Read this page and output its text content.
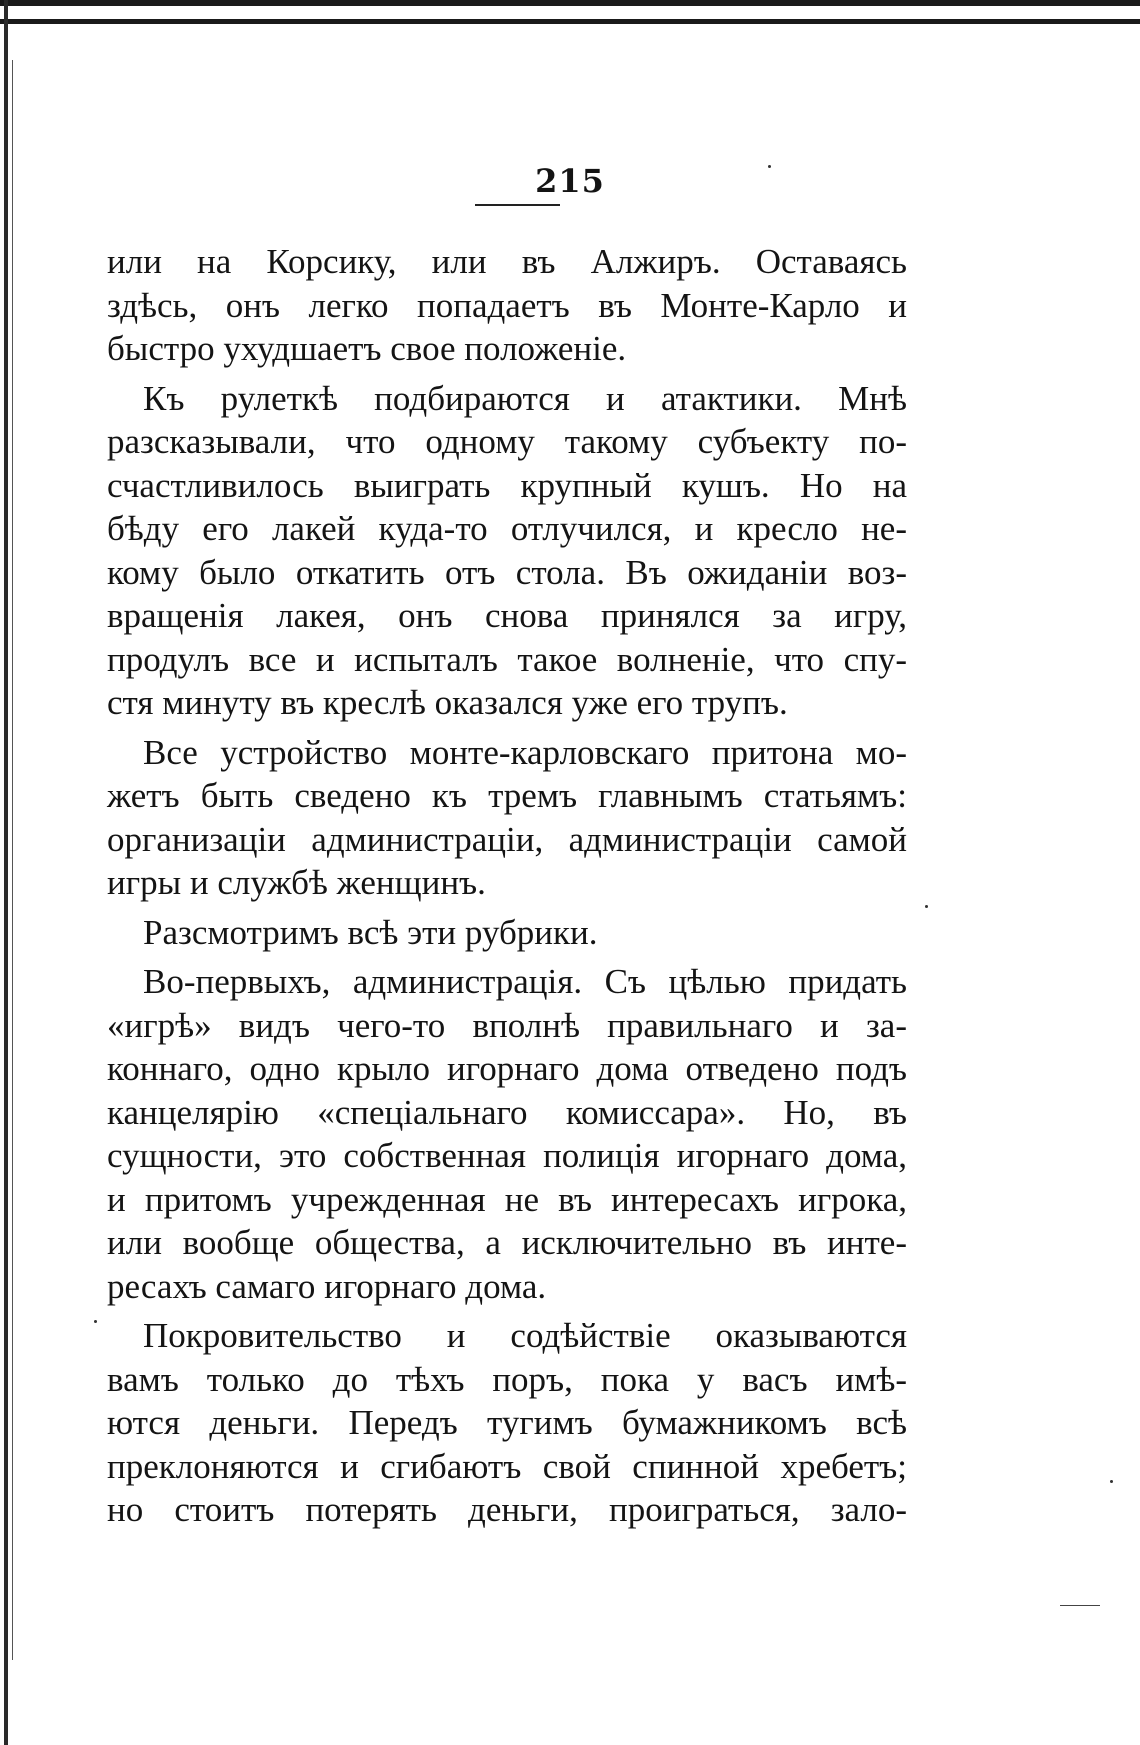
215
или на Корсику, или въ Алжиръ. Оставаясь
здѣсь, онъ легко попадаетъ въ Монте-Карло и
быстро ухудшаетъ свое положеніе.
Къ рулеткѣ подбираются и атактики. Мнѣ
разсказывали, что одному такому субъекту по-
счастливилось выиграть крупный кушъ. Но на
бѣду его лакей куда-то отлучился, и кресло не-
кому было откатить отъ стола. Въ ожиданіи воз-
вращенія лакея, онъ снова принялся за игру,
продулъ все и испыталъ такое волненіе, что спу-
стя минуту въ креслѣ оказался уже его трупъ.
Все устройство монте-карловскаго притона мо-
жетъ быть сведено къ тремъ главнымъ статьямъ:
организаціи администраціи, администраціи самой
игры и службѣ женщинъ.
Разсмотримъ всѣ эти рубрики.
Во-первыхъ, администрація. Съ цѣлью придать
«игрѣ» видъ чего-то вполнѣ правильнаго и за-
коннаго, одно крыло игорнаго дома отведено подъ
канцелярію «спеціальнаго комиссара». Но, въ
сущности, это собственная полиція игорнаго дома,
и притомъ учрежденная не въ интересахъ игрока,
или вообще общества, а исключительно въ инте-
ресахъ самаго игорнаго дома.
Покровительство и содѣйствіе оказываются
вамъ только до тѣхъ поръ, пока у васъ имѣ-
ются деньги. Передъ тугимъ бумажникомъ всѣ
преклоняются и сгибаютъ свой спинной хребетъ;
но стоитъ потерять деньги, проиграться, зало-
